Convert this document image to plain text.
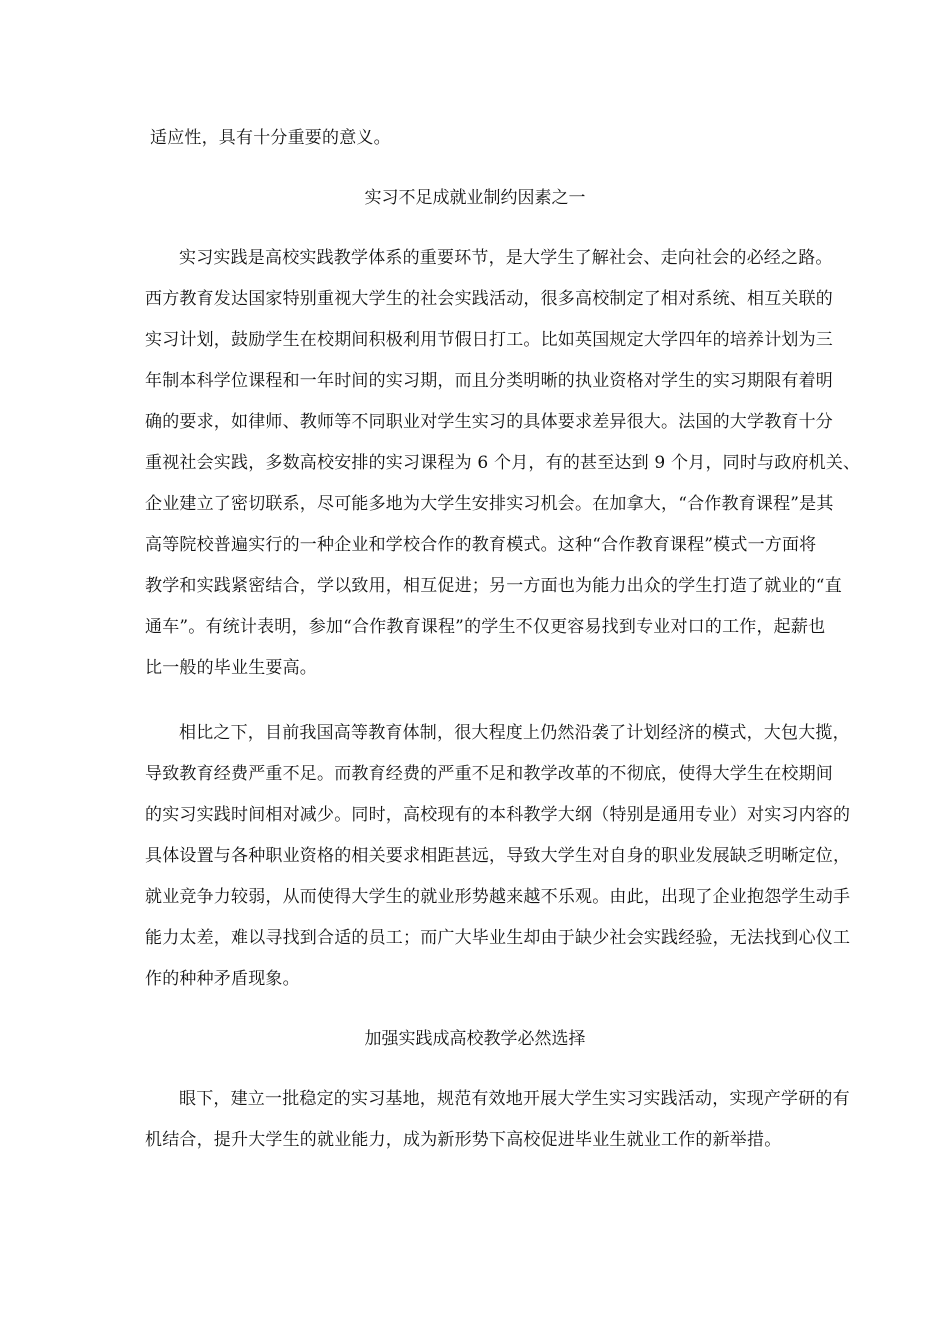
适应性，具有十分重要的意义。
实习不足成就业制约因素之一
实习实践是高校实践教学体系的重要环节，是大学生了解社会、走向社会的必经之路。
西方教育发达国家特别重视大学生的社会实践活动，很多高校制定了相对系统、相互关联的
实习计划，鼓励学生在校期间积极利用节假日打工。比如英国规定大学四年的培养计划为三
年制本科学位课程和一年时间的实习期，而且分类明晰的执业资格对学生的实习期限有着明
确的要求，如律师、教师等不同职业对学生实习的具体要求差异很大。法国的大学教育十分
重视社会实践，多数高校安排的实习课程为 6 个月，有的甚至达到 9 个月，同时与政府机关、
企业建立了密切联系，尽可能多地为大学生安排实习机会。在加拿大，“合作教育课程”是其
高等院校普遍实行的一种企业和学校合作的教育模式。这种“合作教育课程”模式一方面将
教学和实践紧密结合，学以致用，相互促进；另一方面也为能力出众的学生打造了就业的“直
通车”。有统计表明，参加“合作教育课程”的学生不仅更容易找到专业对口的工作，起薪也
比一般的毕业生要高。
相比之下，目前我国高等教育体制，很大程度上仍然沿袭了计划经济的模式，大包大揽，
导致教育经费严重不足。而教育经费的严重不足和教学改革的不彻底，使得大学生在校期间
的实习实践时间相对减少。同时，高校现有的本科教学大纲（特别是通用专业）对实习内容的
具体设置与各种职业资格的相关要求相距甚远，导致大学生对自身的职业发展缺乏明晰定位，
就业竞争力较弱，从而使得大学生的就业形势越来越不乐观。由此，出现了企业抱怨学生动手
能力太差，难以寻找到合适的员工；而广大毕业生却由于缺少社会实践经验，无法找到心仪工
作的种种矛盾现象。
加强实践成高校教学必然选择
眼下，建立一批稳定的实习基地，规范有效地开展大学生实习实践活动，实现产学研的有
机结合，提升大学生的就业能力，成为新形势下高校促进毕业生就业工作的新举措。
